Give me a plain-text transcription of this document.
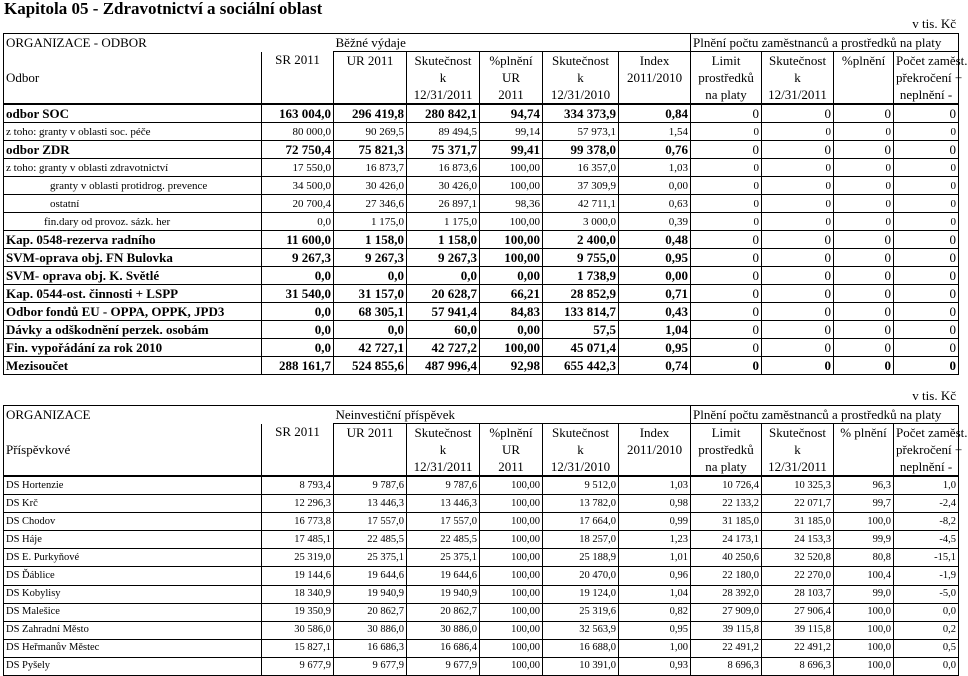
Kapitola 05 - Zdravotnictví a sociální oblast
v tis. Kč
ORGANIZACE - ODBOR		Běžné výdaje					Plnění počtu zaměstnanců a prostředků na platy			
	SR 2011	UR 2011	Skutečnost	%plnění	Skutečnost	Index	Limit	Skutečnost	%plnění	Počet zaměst.
Odbor			k	UR	k	2011/2010	prostředků	k		překročení +
			12/31/2011	2011	12/31/2010		na platy	12/31/2011		neplnění -
odbor SOC	163 004,0	296 419,8	280 842,1	94,74	334 373,9	0,84	0	0	0	0
z toho: granty v oblasti soc. péče	80 000,0	90 269,5	89 494,5	99,14	57 973,1	1,54	0	0	0	0
odbor ZDR	72 750,4	75 821,3	75 371,7	99,41	99 378,0	0,76	0	0	0	0
z toho: granty v oblasti zdravotnictví	17 550,0	16 873,7	16 873,6	100,00	16 357,0	1,03	0	0	0	0
granty v oblasti protidrog. prevence	34 500,0	30 426,0	30 426,0	100,00	37 309,9	0,00	0	0	0	0
ostatní	20 700,4	27 346,6	26 897,1	98,36	42 711,1	0,63	0	0	0	0
fin.dary od provoz. sázk. her	0,0	1 175,0	1 175,0	100,00	3 000,0	0,39	0	0	0	0
Kap. 0548-rezerva radního	11 600,0	1 158,0	1 158,0	100,00	2 400,0	0,48	0	0	0	0
SVM-oprava obj. FN Bulovka	9 267,3	9 267,3	9 267,3	100,00	9 755,0	0,95	0	0	0	0
SVM- oprava obj. K. Světlé	0,0	0,0	0,0	0,00	1 738,9	0,00	0	0	0	0
Kap. 0544-ost. činnosti + LSPP	31 540,0	31 157,0	20 628,7	66,21	28 852,9	0,71	0	0	0	0
Odbor fondů EU - OPPA, OPPK, JPD3	0,0	68 305,1	57 941,4	84,83	133 814,7	0,43	0	0	0	0
Dávky a odškodnění perzek. osobám	0,0	0,0	60,0	0,00	57,5	1,04	0	0	0	0
Fin. vypořádání za rok 2010	0,0	42 727,1	42 727,2	100,00	45 071,4	0,95	0	0	0	0
Mezisoučet	288 161,7	524 855,6	487 996,4	92,98	655 442,3	0,74	0	0	0	0
v tis. Kč
ORGANIZACE		Neinvestiční příspěvek					Plnění počtu zaměstnanců a prostředků na platy			
	SR 2011	UR 2011	Skutečnost	%plnění	Skutečnost	Index	Limit	Skutečnost	% plnění	Počet zaměst.
Příspěvkové			k	UR	k	2011/2010	prostředků	k		překročení +
			12/31/2011	2011	12/31/2010		na platy	12/31/2011		neplnění -
DS Hortenzie	8 793,4	9 787,6	9 787,6	100,00	9 512,0	1,03	10 726,4	10 325,3	96,3	1,0
DS Krč	12 296,3	13 446,3	13 446,3	100,00	13 782,0	0,98	22 133,2	22 071,7	99,7	-2,4
DS Chodov	16 773,8	17 557,0	17 557,0	100,00	17 664,0	0,99	31 185,0	31 185,0	100,0	-8,2
DS Háje	17 485,1	22 485,5	22 485,5	100,00	18 257,0	1,23	24 173,1	24 153,3	99,9	-4,5
DS E. Purkyňové	25 319,0	25 375,1	25 375,1	100,00	25 188,9	1,01	40 250,6	32 520,8	80,8	-15,1
DS Ďáblice	19 144,6	19 644,6	19 644,6	100,00	20 470,0	0,96	22 180,0	22 270,0	100,4	-1,9
DS Kobylisy	18 340,9	19 940,9	19 940,9	100,00	19 124,0	1,04	28 392,0	28 103,7	99,0	-5,0
DS Malešice	19 350,9	20 862,7	20 862,7	100,00	25 319,6	0,82	27 909,0	27 906,4	100,0	0,0
DS Zahradní Město	30 586,0	30 886,0	30 886,0	100,00	32 563,9	0,95	39 115,8	39 115,8	100,0	0,2
DS Heřmanův Městec	15 827,1	16 686,3	16 686,4	100,00	16 688,0	1,00	22 491,2	22 491,2	100,0	0,5
DS Pyšely	9 677,9	9 677,9	9 677,9	100,00	10 391,0	0,93	8 696,3	8 696,3	100,0	0,0
